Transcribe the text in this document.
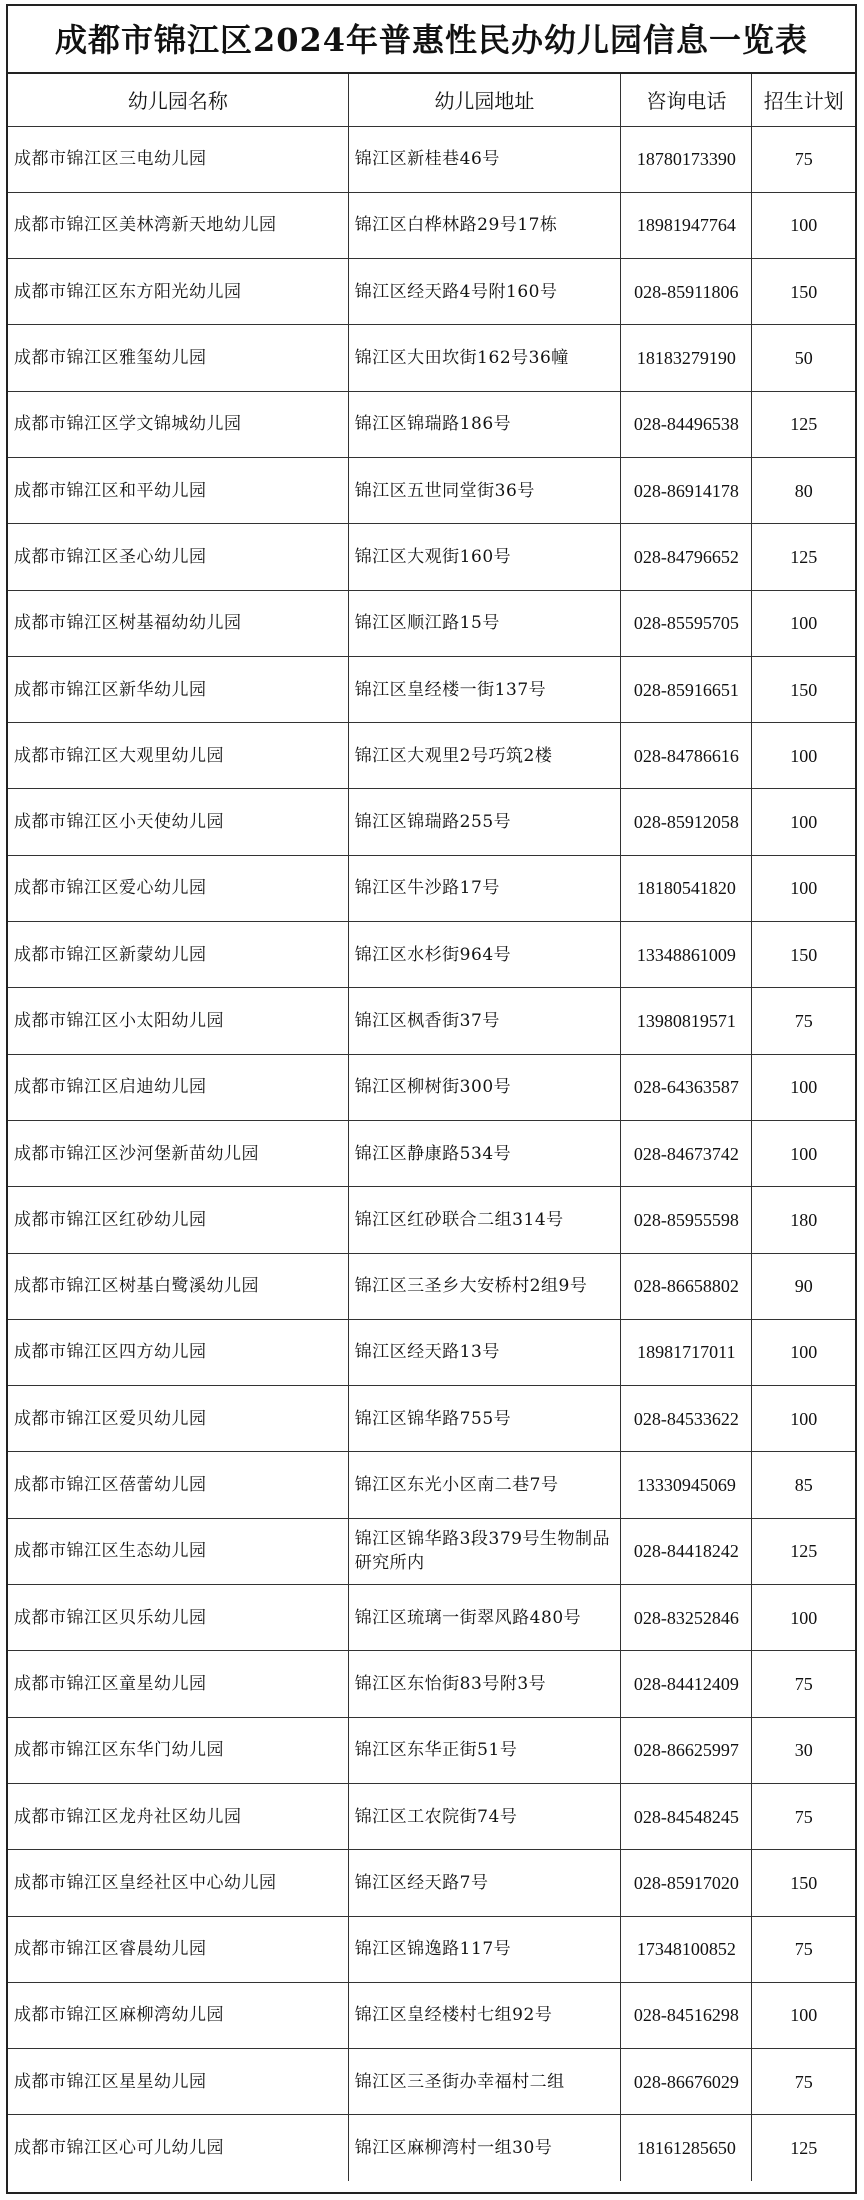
成都市锦江区2024年普惠性民办幼儿园信息一览表
幼儿园名称	幼儿园地址	咨询电话	招生计划
成都市锦江区三电幼儿园	锦江区新桂巷46号	18780173390	75
成都市锦江区美林湾新天地幼儿园	锦江区白桦林路29号17栋	18981947764	100
成都市锦江区东方阳光幼儿园	锦江区经天路4号附160号	028-85911806	150
成都市锦江区雅玺幼儿园	锦江区大田坎街162号36幢	18183279190	50
成都市锦江区学文锦城幼儿园	锦江区锦瑞路186号	028-84496538	125
成都市锦江区和平幼儿园	锦江区五世同堂街36号	028-86914178	80
成都市锦江区圣心幼儿园	锦江区大观街160号	028-84796652	125
成都市锦江区树基福幼幼儿园	锦江区顺江路15号	028-85595705	100
成都市锦江区新华幼儿园	锦江区皇经楼一街137号	028-85916651	150
成都市锦江区大观里幼儿园	锦江区大观里2号巧筑2楼	028-84786616	100
成都市锦江区小天使幼儿园	锦江区锦瑞路255号	028-85912058	100
成都市锦江区爱心幼儿园	锦江区牛沙路17号	18180541820	100
成都市锦江区新蒙幼儿园	锦江区水杉街964号	13348861009	150
成都市锦江区小太阳幼儿园	锦江区枫香街37号	13980819571	75
成都市锦江区启迪幼儿园	锦江区柳树街300号	028-64363587	100
成都市锦江区沙河堡新苗幼儿园	锦江区静康路534号	028-84673742	100
成都市锦江区红砂幼儿园	锦江区红砂联合二组314号	028-85955598	180
成都市锦江区树基白鹭溪幼儿园	锦江区三圣乡大安桥村2组9号	028-86658802	90
成都市锦江区四方幼儿园	锦江区经天路13号	18981717011	100
成都市锦江区爱贝幼儿园	锦江区锦华路755号	028-84533622	100
成都市锦江区蓓蕾幼儿园	锦江区东光小区南二巷7号	13330945069	85
成都市锦江区生态幼儿园	锦江区锦华路3段379号生物制品研究所内	028-84418242	125
成都市锦江区贝乐幼儿园	锦江区琉璃一街翠风路480号	028-83252846	100
成都市锦江区童星幼儿园	锦江区东怡街83号附3号	028-84412409	75
成都市锦江区东华门幼儿园	锦江区东华正街51号	028-86625997	30
成都市锦江区龙舟社区幼儿园	锦江区工农院街74号	028-84548245	75
成都市锦江区皇经社区中心幼儿园	锦江区经天路7号	028-85917020	150
成都市锦江区睿晨幼儿园	锦江区锦逸路117号	17348100852	75
成都市锦江区麻柳湾幼儿园	锦江区皇经楼村七组92号	028-84516298	100
成都市锦江区星星幼儿园	锦江区三圣街办幸福村二组	028-86676029	75
成都市锦江区心可儿幼儿园	锦江区麻柳湾村一组30号	18161285650	125
